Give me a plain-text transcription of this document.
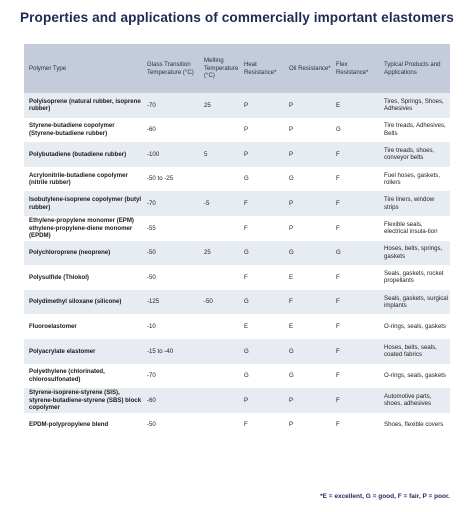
Properties and applications of commercially important elastomers
Polymer Type	Glass Transition Temperature (°C)	Melting Temperature (°C)	Heat Resistance*	Oil Resistance*	Flex Resistance*	Typical Products and Applications
Polyisoprene (natural rubber, isoprene rubber)	-70	25	P	P	E	Tires, Springs, Shoes, Adhesives
Styrene-butadiene copolymer (Styrene-butadiene rubber)	-60		P	P	G	Tire treads, Adhesives, Belts
Polybutadiene (butadiene rubber)	-100	5	P	P	F	Tire treads, shoes, conveyor belts
Acrylonitrile-butadiene copolymer (nitrile rubber)	-50 to -25		G	G	F	Fuel hoses, gaskets, rollers
Isobutylene-isoprene copolymer (butyl rubber)	-70	-5	F	P	F	Tire liners, window strips
Ethylene-propylene monomer (EPM) ethylene-propylene-diene monomer (EPDM)	-55		F	P	F	Flexible seals, electrical insula-tion
Polychloroprene (neoprene)	-50	25	G	G	G	Hoses, belts, springs, gaskets
Polysulfide (Thiokol)	-50		F	E	F	Seals, gaskets, rocket propellants
Polydimethyl siloxane (silicone)	-125	-50	G	F	F	Seals, gaskets, surgical implants
Fluoroelastomer	-10		E	E	F	O-rings, seals, gaskets
Polyacrylate elastomer	-15 to -40		G	G	F	Hoses, belts, seals, coated fabrics
Polyethylene (chlorinated, chlorosulfonated)	-70		G	G	F	O-rings, seals, gaskets
Styrene-isoprene-styrene (SIS), styrene-butadiene-styrene (SBS) block copolymer	-60		P	P	F	Automotive parts, shoes, adhesives
EPDM-polypropylene blend	-50		F	P	F	Shoes, flexible covers
*E = excellent, G = good, F = fair, P = poor.
